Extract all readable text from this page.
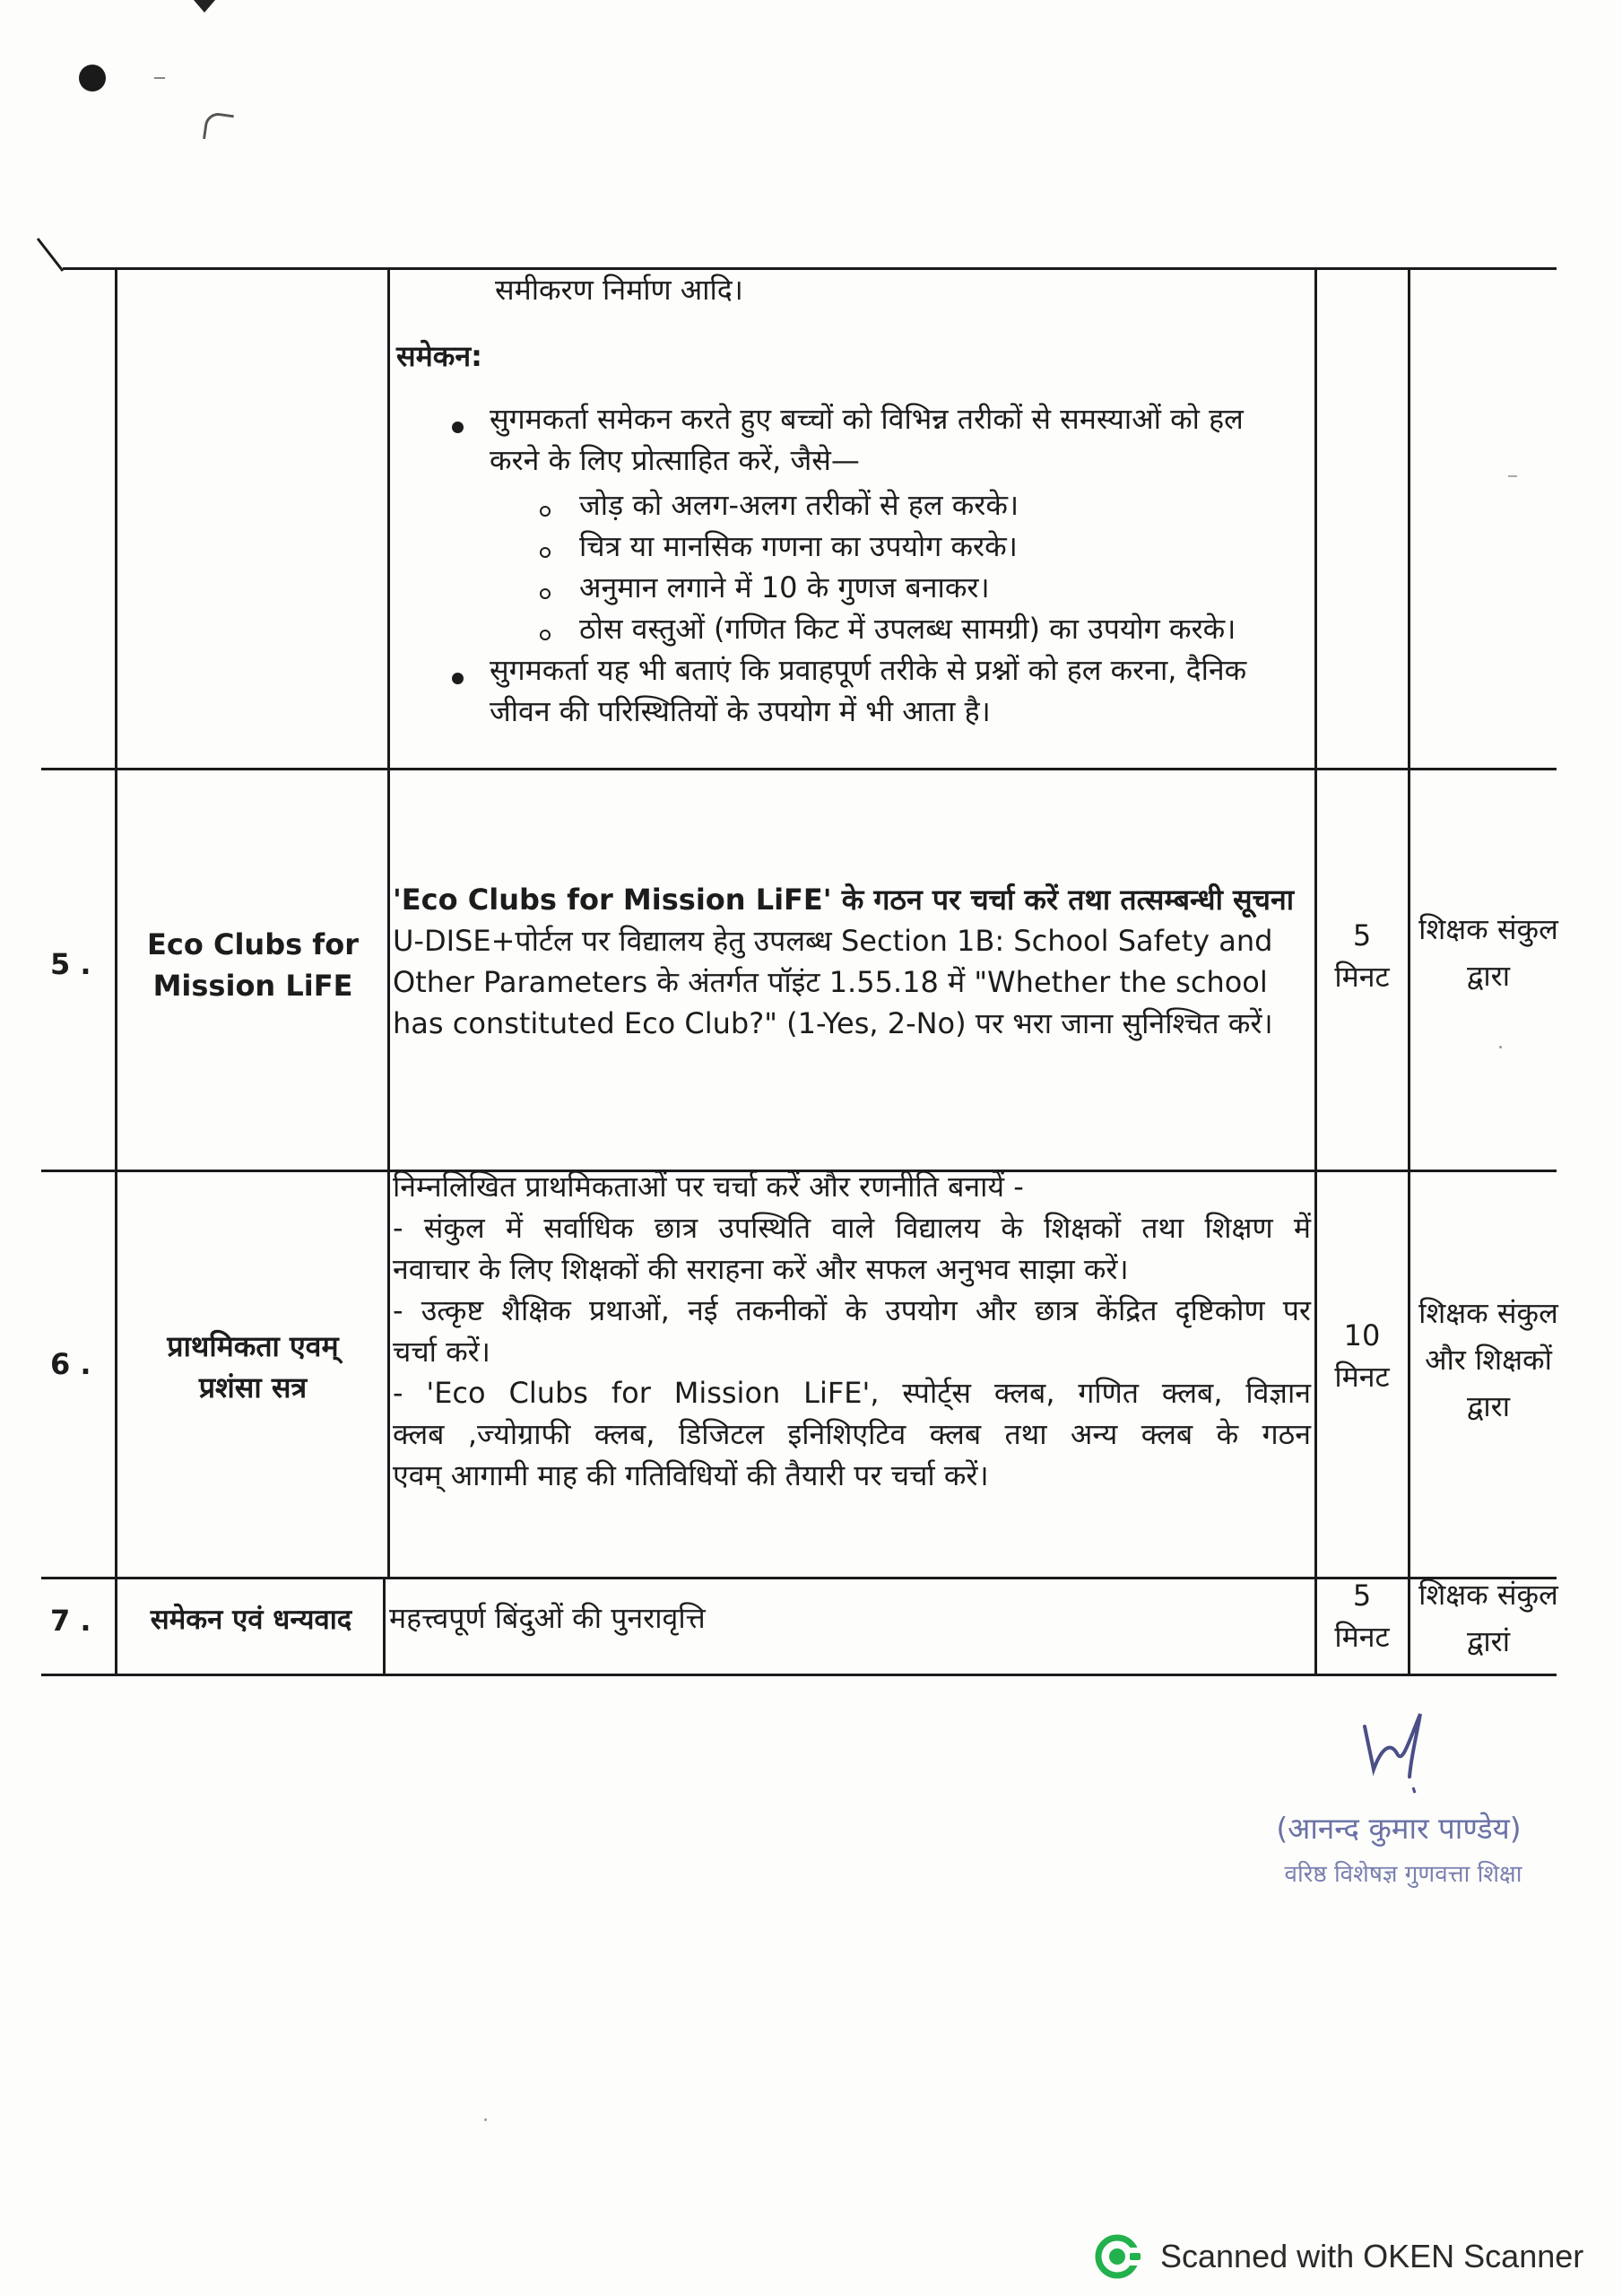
समीकरण निर्माण आदि।
समेकन:
सुगमकर्ता समेकन करते हुए बच्चों को विभिन्न तरीकों से समस्याओं को हल
करने के लिए प्रोत्साहित करें, जैसे—
जोड़ को अलग-अलग तरीकों से हल करके।
चित्र या मानसिक गणना का उपयोग करके।
अनुमान लगाने में 10 के गुणज बनाकर।
ठोस वस्तुओं (गणित किट में उपलब्ध सामग्री) का उपयोग करके।
सुगमकर्ता यह भी बताएं कि प्रवाहपूर्ण तरीके से प्रश्नों को हल करना, दैनिक
जीवन की परिस्थितियों के उपयोग में भी आता है।
5 .
Eco Clubs for
Mission LiFE
'Eco Clubs for Mission LiFE' के गठन पर चर्चा करें तथा तत्सम्बन्धी सूचना
U-DISE+पोर्टल पर विद्यालय हेतु उपलब्ध Section 1B: School Safety and
Other Parameters के अंतर्गत पॉइंट 1.55.18 में "Whether the school
has constituted Eco Club?" (1-Yes, 2-No) पर भरा जाना सुनिश्चित करें।
5
मिनट
शिक्षक संकुल
द्वारा
6 .
प्राथमिकता एवम्
प्रशंसा सत्र
निम्नलिखित प्राथमिकताओं पर चर्चा करें और रणनीति बनायें -
- संकुल में सर्वाधिक छात्र उपस्थिति वाले विद्यालय के शिक्षकों तथा शिक्षण में
नवाचार के लिए शिक्षकों की सराहना करें और सफल अनुभव साझा करें।
- उत्कृष्ट शैक्षिक प्रथाओं, नई तकनीकों के उपयोग और छात्र केंद्रित दृष्टिकोण पर
चर्चा करें।
- 'Eco Clubs for Mission LiFE', स्पोर्ट्स क्लब, गणित क्लब, विज्ञान
क्लब ,ज्योग्राफी क्लब, डिजिटल इनिशिएटिव क्लब तथा अन्य क्लब के गठन
एवम् आगामी माह की गतिविधियों की तैयारी पर चर्चा करें।
10
मिनट
शिक्षक संकुल
और शिक्षकों
द्वारा
7 .	समेकन एवं धन्यवाद	महत्त्वपूर्ण बिंदुओं की पुनरावृत्ति
5
मिनट
शिक्षक संकुल
द्वारां
(आनन्द कुमार पाण्डेय)
वरिष्ठ विशेषज्ञ गुणवत्ता शिक्षा
Scanned with OKEN Scanner
